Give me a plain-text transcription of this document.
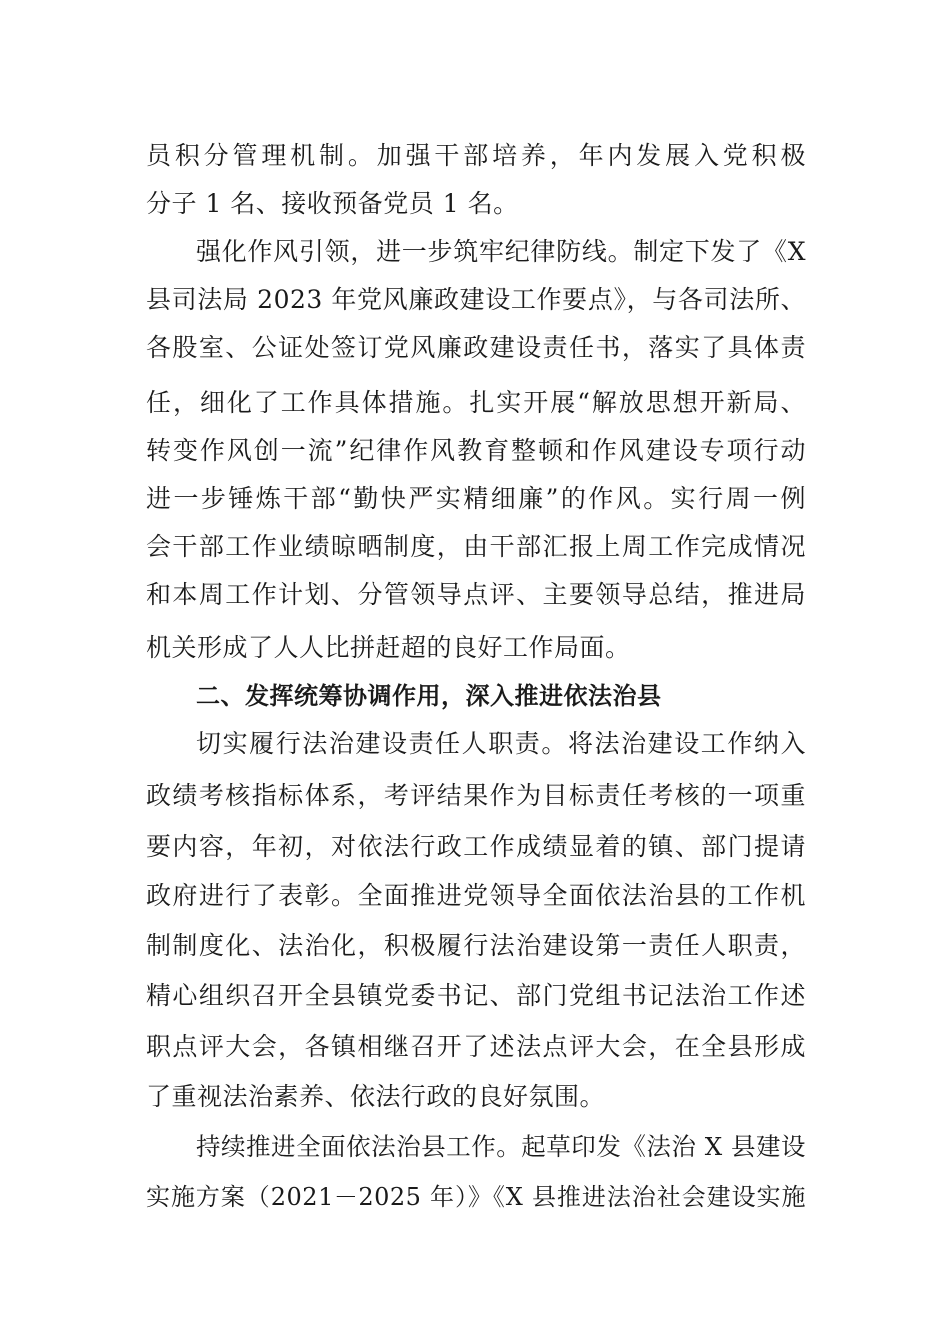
员积分管理机制。加强干部培养，年内发展入党积极
分子 1 名、接收预备党员 1 名。
强化作风引领，进一步筑牢纪律防线。制定下发了《X
县司法局 2023 年党风廉政建设工作要点》，与各司法所、
各股室、公证处签订党风廉政建设责任书，落实了具体责
任，细化了工作具体措施。扎实开展“解放思想开新局、
转变作风创一流”纪律作风教育整顿和作风建设专项行动
进一步锤炼干部“勤快严实精细廉”的作风。实行周一例
会干部工作业绩晾晒制度，由干部汇报上周工作完成情况
和本周工作计划、分管领导点评、主要领导总结，推进局
机关形成了人人比拼赶超的良好工作局面。
二、发挥统筹协调作用，深入推进依法治县
切实履行法治建设责任人职责。将法治建设工作纳入
政绩考核指标体系，考评结果作为目标责任考核的一项重
要内容，年初，对依法行政工作成绩显着的镇、部门提请
政府进行了表彰。全面推进党领导全面依法治县的工作机
制制度化、法治化，积极履行法治建设第一责任人职责，
精心组织召开全县镇党委书记、部门党组书记法治工作述
职点评大会，各镇相继召开了述法点评大会，在全县形成
了重视法治素养、依法行政的良好氛围。
持续推进全面依法治县工作。起草印发《法治 X 县建设
实施方案（2021－2025 年）》《X 县推进法治社会建设实施
